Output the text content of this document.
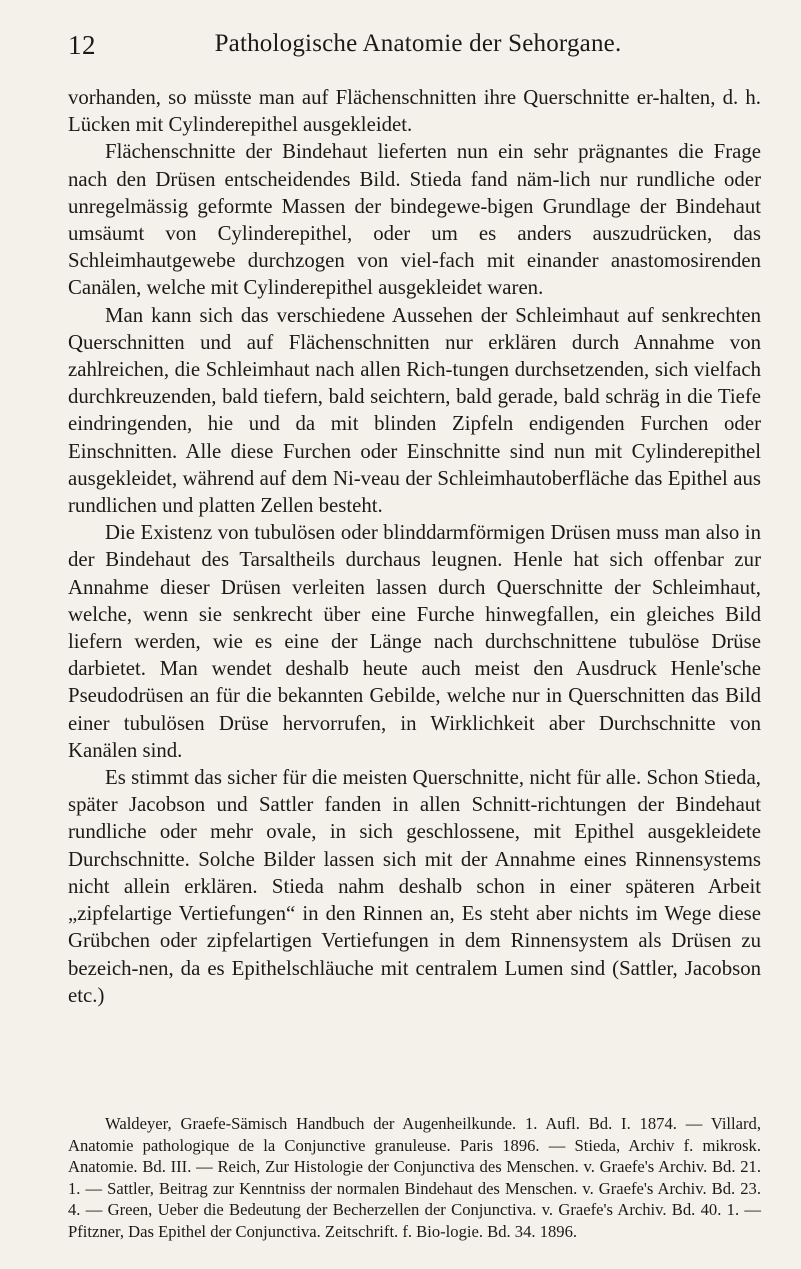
12	Pathologische Anatomie der Sehorgane.

vorhanden, so müsste man auf Flächenschnitten ihre Querschnitte er-halten, d. h. Lücken mit Cylinderepithel ausgekleidet.

Flächenschnitte der Bindehaut lieferten nun ein sehr prägnantes die Frage nach den Drüsen entscheidendes Bild. Stieda fand näm-lich nur rundliche oder unregelmässig geformte Massen der bindegewe-bigen Grundlage der Bindehaut umsäumt von Cylinderepithel, oder um es anders auszudrücken, das Schleimhautgewebe durchzogen von viel-fach mit einander anastomosirenden Canälen, welche mit Cylinderepithel ausgekleidet waren.

Man kann sich das verschiedene Aussehen der Schleimhaut auf senkrechten Querschnitten und auf Flächenschnitten nur erklären durch Annahme von zahlreichen, die Schleimhaut nach allen Rich-tungen durchsetzenden, sich vielfach durchkreuzenden, bald tiefern, bald seichtern, bald gerade, bald schräg in die Tiefe eindringenden, hie und da mit blinden Zipfeln endigenden Furchen oder Einschnitten. Alle diese Furchen oder Einschnitte sind nun mit Cylinderepithel ausgekleidet, während auf dem Ni-veau der Schleimhautoberfläche das Epithel aus rundlichen und platten Zellen besteht.

Die Existenz von tubulösen oder blinddarmförmigen Drüsen muss man also in der Bindehaut des Tarsaltheils durchaus leugnen. Henle hat sich offenbar zur Annahme dieser Drüsen verleiten lassen durch Querschnitte der Schleimhaut, welche, wenn sie senkrecht über eine Furche hinwegfallen, ein gleiches Bild liefern werden, wie es eine der Länge nach durchschnittene tubulöse Drüse darbietet. Man wendet deshalb heute auch meist den Ausdruck Henle'sche Pseudodrüsen an für die bekannten Gebilde, welche nur in Querschnitten das Bild einer tubulösen Drüse hervorrufen, in Wirklichkeit aber Durchschnitte von Kanälen sind.

Es stimmt das sicher für die meisten Querschnitte, nicht für alle. Schon Stieda, später Jacobson und Sattler fanden in allen Schnitt-richtungen der Bindehaut rundliche oder mehr ovale, in sich geschlossene, mit Epithel ausgekleidete Durchschnitte. Solche Bilder lassen sich mit der Annahme eines Rinnensystems nicht allein erklären. Stieda nahm deshalb schon in einer späteren Arbeit „zipfelartige Vertiefungen“ in den Rinnen an, Es steht aber nichts im Wege diese Grübchen oder zipfelartigen Vertiefungen in dem Rinnensystem als Drüsen zu bezeich-nen, da es Epithelschläuche mit centralem Lumen sind (Sattler, Jacobson etc.)

Waldeyer, Graefe-Sämisch Handbuch der Augenheilkunde. 1. Aufl. Bd. I. 1874. — Villard, Anatomie pathologique de la Conjunctive granuleuse. Paris 1896. — Stieda, Archiv f. mikrosk. Anatomie. Bd. III. — Reich, Zur Histologie der Conjunctiva des Menschen. v. Graefe's Archiv. Bd. 21. 1. — Sattler, Beitrag zur Kenntniss der normalen Bindehaut des Menschen. v. Graefe's Archiv. Bd. 23. 4. — Green, Ueber die Bedeutung der Becherzellen der Conjunctiva. v. Graefe's Archiv. Bd. 40. 1. — Pfitzner, Das Epithel der Conjunctiva. Zeitschrift. f. Bio-logie. Bd. 34. 1896.
